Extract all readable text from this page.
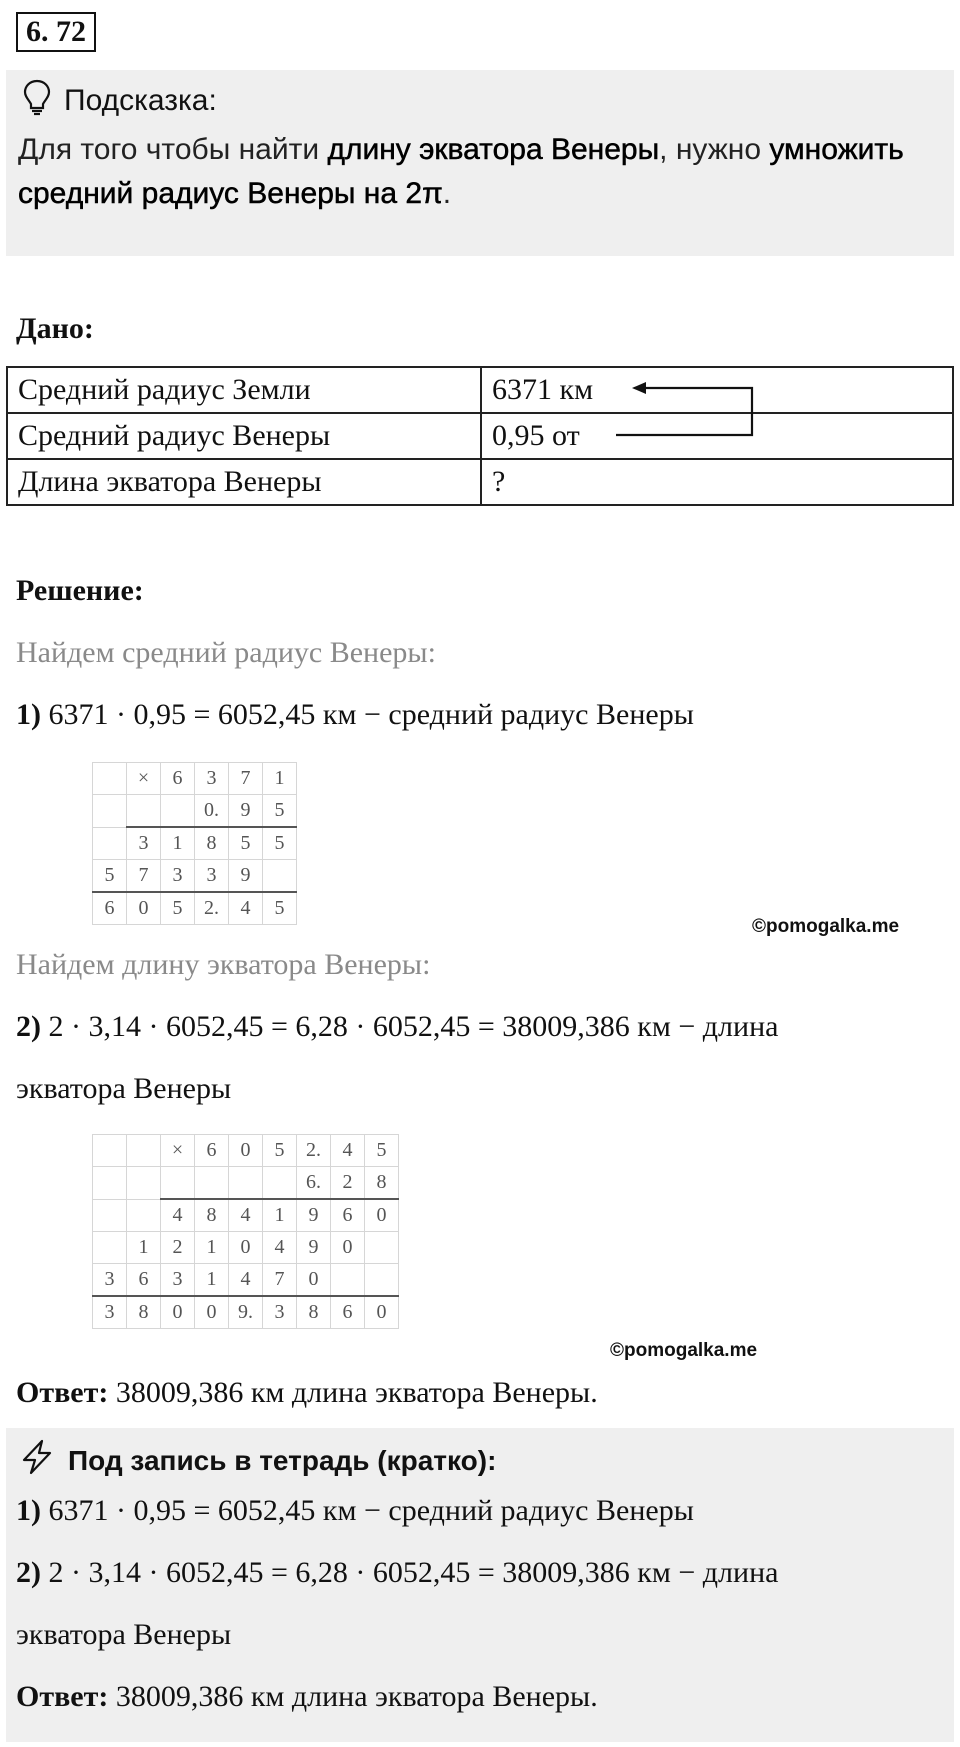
6. 72
Подсказка:
Для того чтобы найти длину экватора Венеры, нужно умножить средний радиус Венеры на 2π.
Дано:
Средний радиус Земли	6371 км
Средний радиус Венеры	0,95 от
Длина экватора Венеры	?
Решение:
Найдем средний радиус Венеры:
1) 6371 · 0,95 = 6052,45 км − средний радиус Венеры
	×	6	3	7	1
			0.	9	5
	3	1	8	5	5
5	7	3	3	9	
6	0	5	2.	4	5
©pomogalka.me
Найдем длину экватора Венеры:
2) 2 · 3,14 · 6052,45 = 6,28 · 6052,45 = 38009,386 км − длина
экватора Венеры
		×	6	0	5	2.	4	5
						6.	2	8
		4	8	4	1	9	6	0
	1	2	1	0	4	9	0	
3	6	3	1	4	7	0		
3	8	0	0	9.	3	8	6	0
©pomogalka.me
Ответ: 38009,386 км длина экватора Венеры.
Под запись в тетрадь (кратко):
1) 6371 · 0,95 = 6052,45 км − средний радиус Венеры
2) 2 · 3,14 · 6052,45 = 6,28 · 6052,45 = 38009,386 км − длина
экватора Венеры
Ответ: 38009,386 км длина экватора Венеры.
